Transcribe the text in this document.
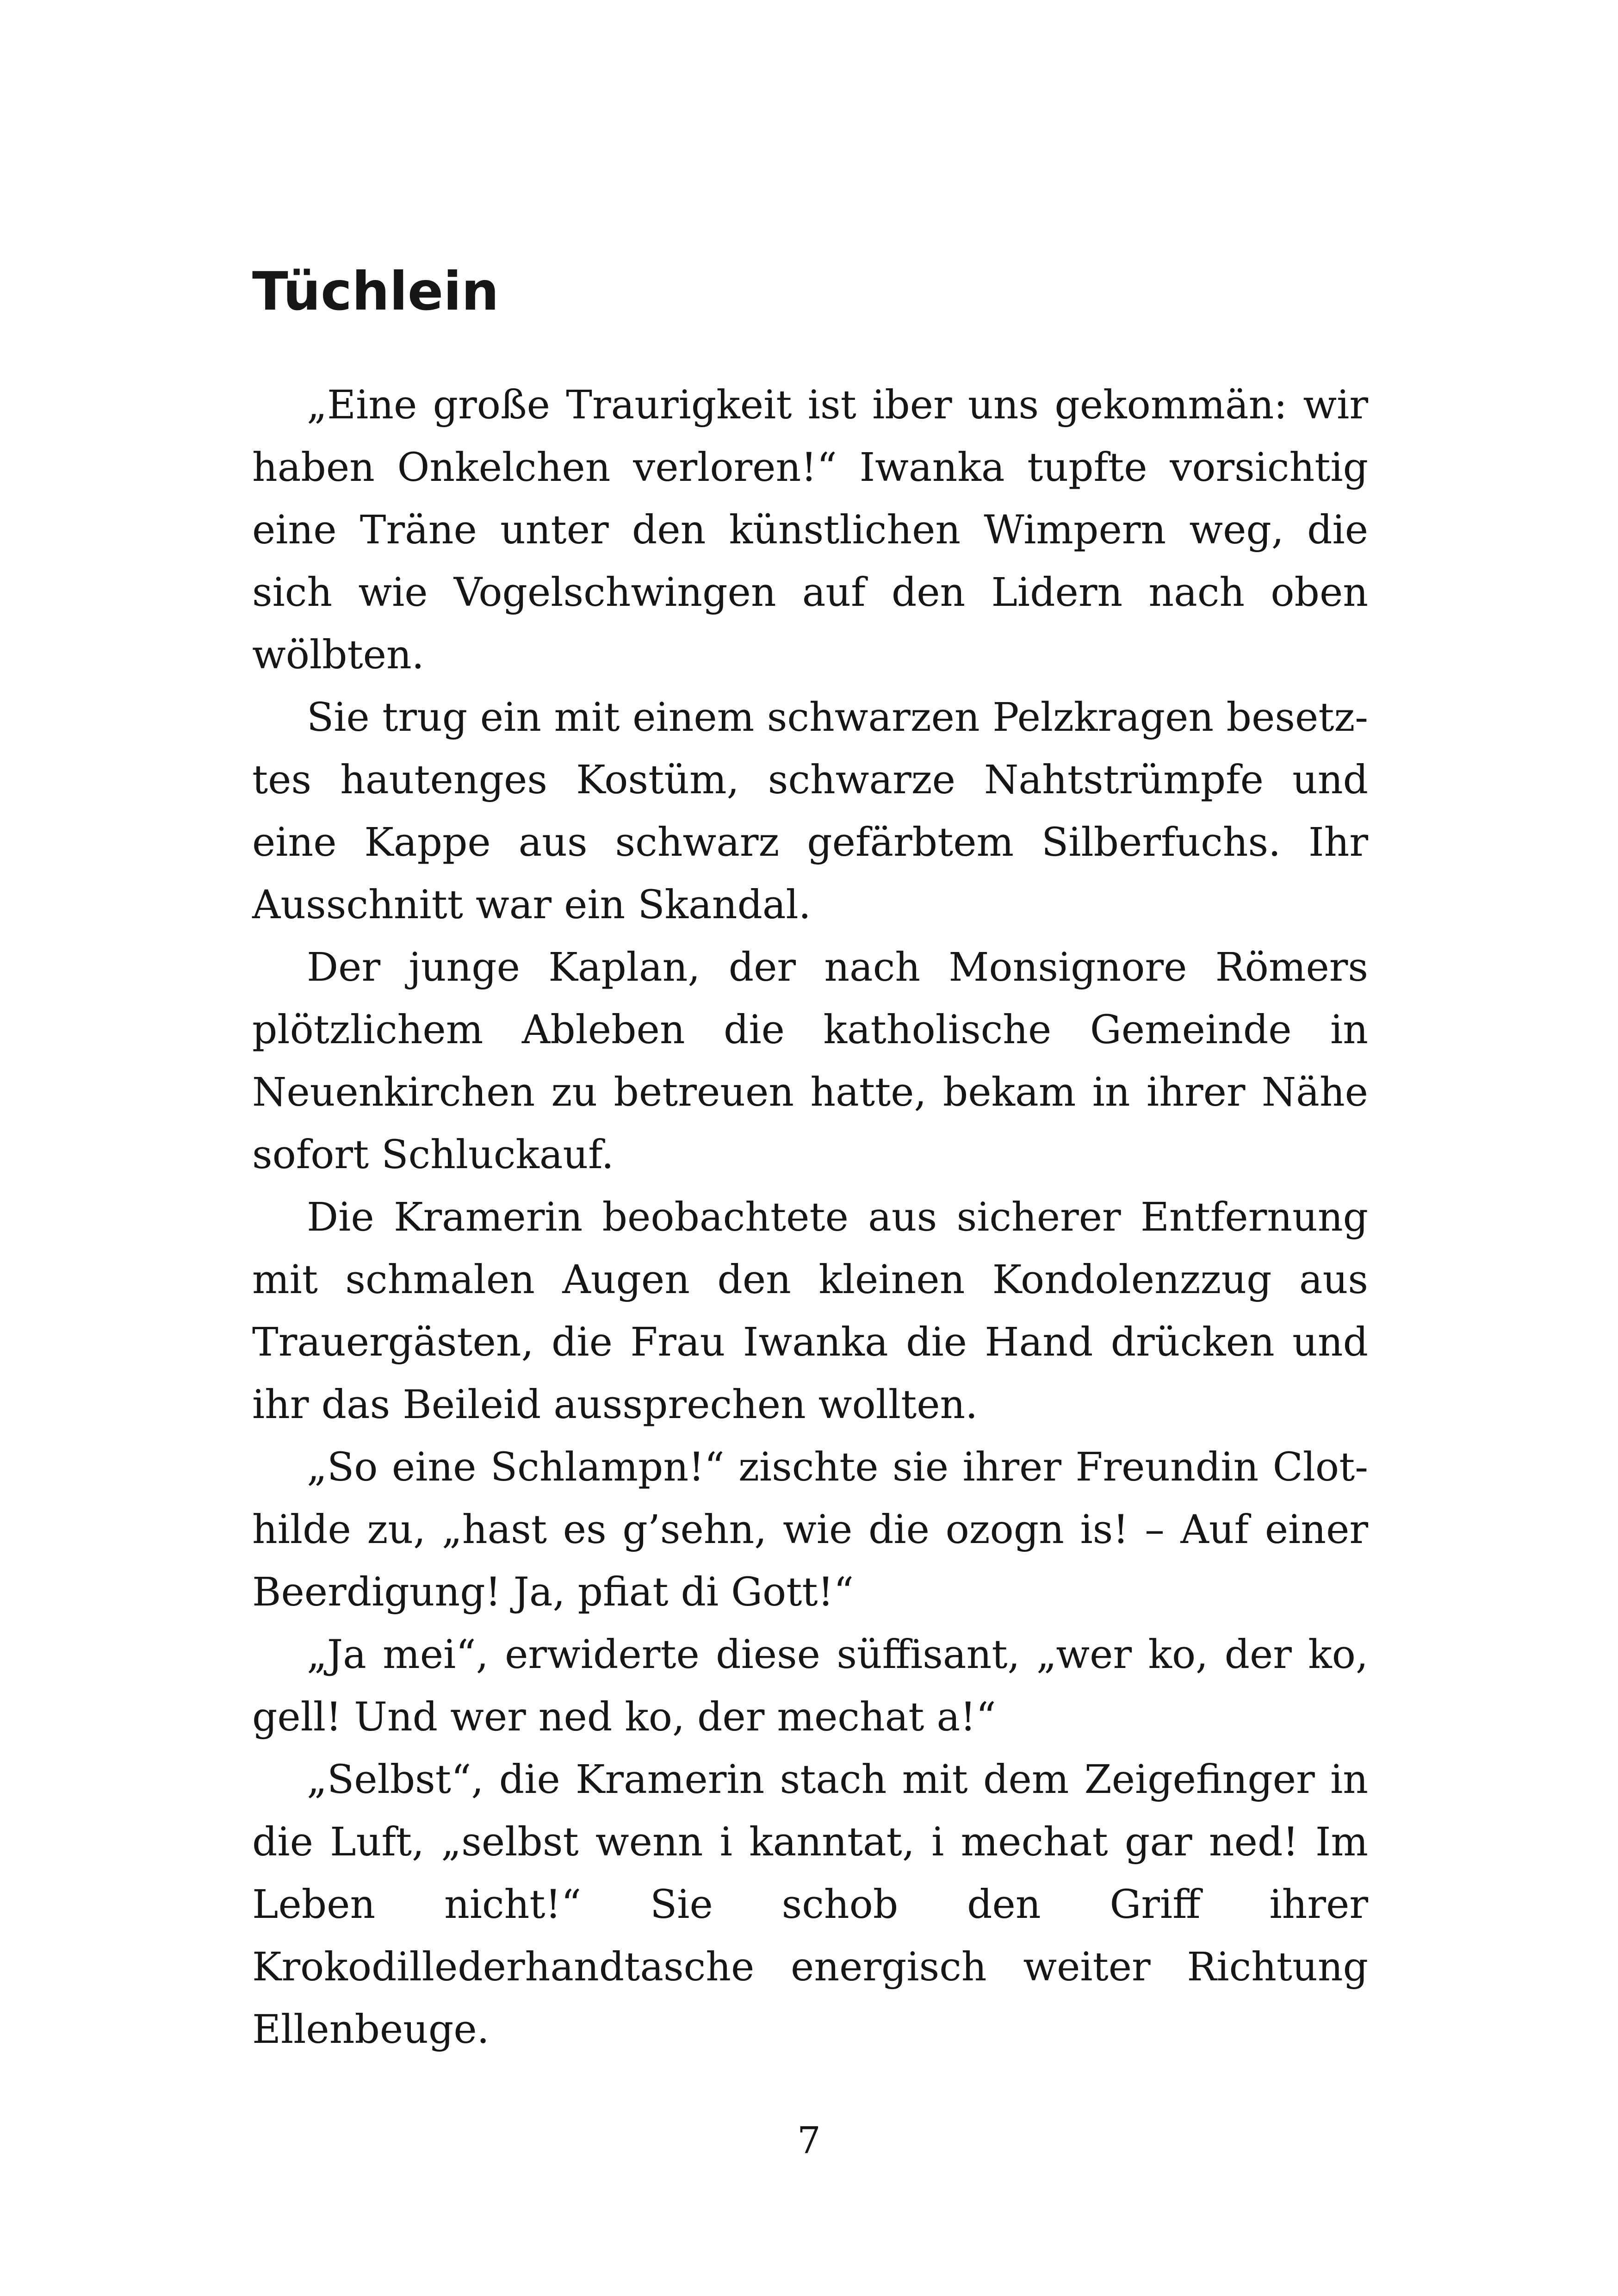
Tüchlein

„Eine große Traurigkeit ist iber uns gekommän: wir haben Onkelchen verloren!“ Iwanka tupfte vorsichtig eine Träne unter den künstlichen Wimpern weg, die sich wie Vogelschwingen auf den Lidern nach oben wölbten.

Sie trug ein mit einem schwarzen Pelzkragen besetztes hautenges Kostüm, schwarze Nahtstrümpfe und eine Kappe aus schwarz gefärbtem Silberfuchs. Ihr Ausschnitt war ein Skandal.

Der junge Kaplan, der nach Monsignore Römers plötzlichem Ableben die katholische Gemeinde in Neuenkirchen zu betreuen hatte, bekam in ihrer Nähe sofort Schluckauf.

Die Kramerin beobachtete aus sicherer Entfernung mit schmalen Augen den kleinen Kondolenzzug aus Trauergästen, die Frau Iwanka die Hand drücken und ihr das Beileid aussprechen wollten.

„So eine Schlampn!“ zischte sie ihrer Freundin Clothilde zu, „hast es g’sehn, wie die ozogn is! – Auf einer Beerdigung! Ja, pfiat di Gott!“

„Ja mei“, erwiderte diese süffisant, „wer ko, der ko, gell! Und wer ned ko, der mechat a!“

„Selbst“, die Kramerin stach mit dem Zeigefinger in die Luft, „selbst wenn i kanntat, i mechat gar ned! Im Leben nicht!“ Sie schob den Griff ihrer Krokodillederhandtasche energisch weiter Richtung Ellenbeuge.

7
